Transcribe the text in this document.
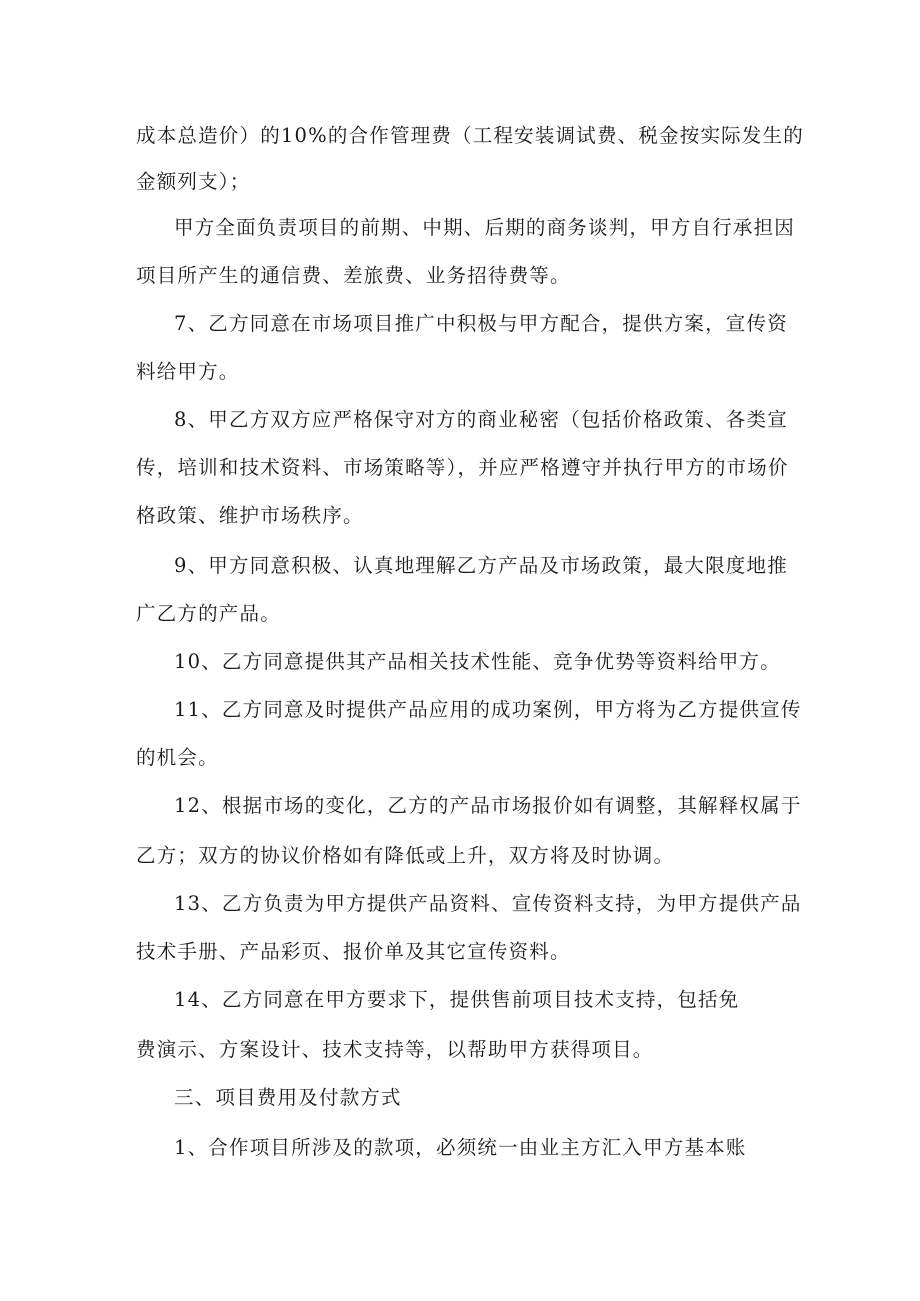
成本总造价）的10%的合作管理费（工程安装调试费、税金按实际发生的
金额列支）；
甲方全面负责项目的前期、中期、后期的商务谈判，甲方自行承担因
项目所产生的通信费、差旅费、业务招待费等。
7、乙方同意在市场项目推广中积极与甲方配合，提供方案，宣传资
料给甲方。
8、甲乙方双方应严格保守对方的商业秘密（包括价格政策、各类宣
传，培训和技术资料、市场策略等），并应严格遵守并执行甲方的市场价
格政策、维护市场秩序。
9、甲方同意积极、认真地理解乙方产品及市场政策，最大限度地推
广乙方的产品。
10、乙方同意提供其产品相关技术性能、竞争优势等资料给甲方。
11、乙方同意及时提供产品应用的成功案例，甲方将为乙方提供宣传
的机会。
12、根据市场的变化，乙方的产品市场报价如有调整，其解释权属于
乙方；双方的协议价格如有降低或上升，双方将及时协调。
13、乙方负责为甲方提供产品资料、宣传资料支持，为甲方提供产品
技术手册、产品彩页、报价单及其它宣传资料。
14、乙方同意在甲方要求下，提供售前项目技术支持，包括免
费演示、方案设计、技术支持等，以帮助甲方获得项目。
三、项目费用及付款方式
1、合作项目所涉及的款项，必须统一由业主方汇入甲方基本账
